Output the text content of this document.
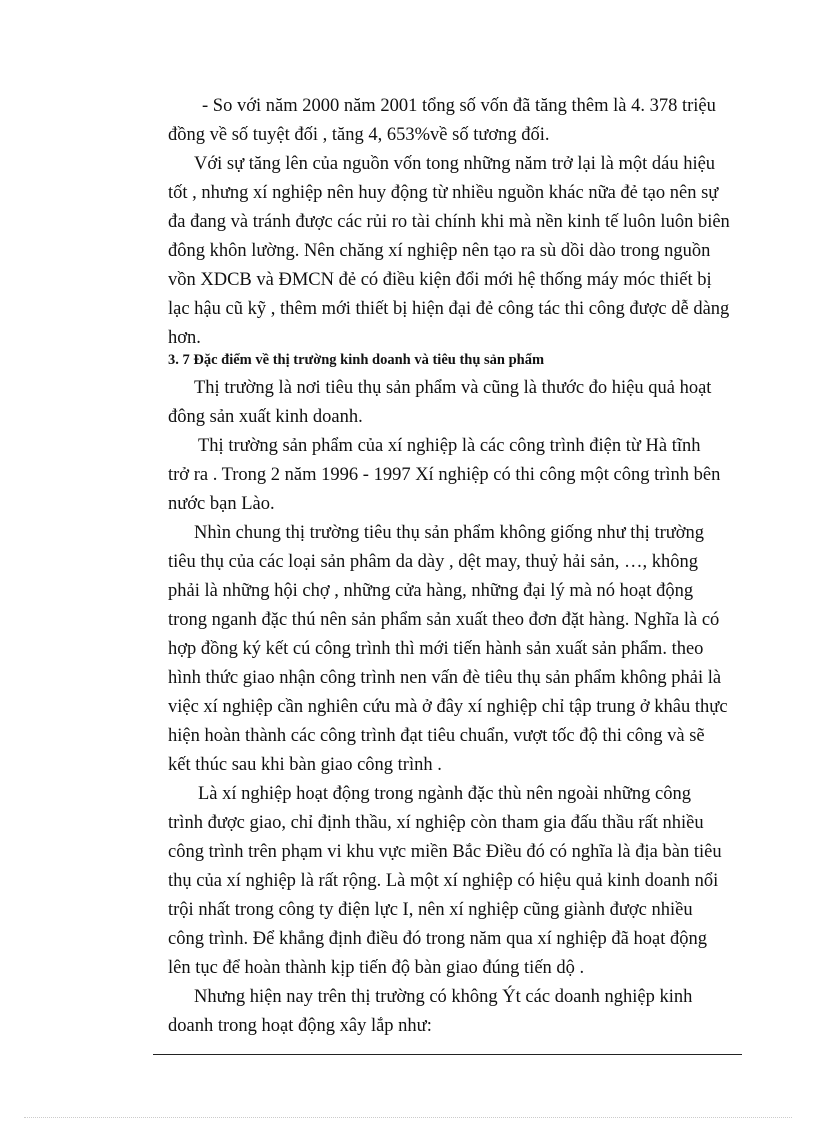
- So với năm 2000 năm 2001 tổng số vốn đã tăng thêm là 4. 378 triệu

đồng về số tuyệt đối , tăng 4, 653%về số tương đối.

Với sự tăng lên của nguồn vốn tong những năm trở lại là một dáu hiệu

tốt , nhưng xí nghiệp nên huy động từ nhiều nguồn khác nữa đẻ tạo nên sự

đa đang và tránh được các rủi ro tài chính khi mà nền kinh tế luôn luôn biên

đông khôn lường. Nên chăng xí nghiệp nên tạo ra sù dồi dào trong nguồn

vồn XDCB và ĐMCN đẻ có điều kiện đổi mới hệ thống máy móc thiết bị

lạc hậu cũ kỹ , thêm mới thiết bị hiện đại đẻ công tác thi công được dễ dàng

hơn.

3. 7 Đặc điểm về thị trường kinh doanh và tiêu thụ sản phẩm

Thị trường là nơi tiêu thụ sản phẩm và cũng là thước đo hiệu quả hoạt

đông sản xuất kinh doanh.

Thị trường sản phẩm của xí nghiệp là các công trình điện từ Hà tĩnh

trở ra . Trong 2 năm 1996 - 1997 Xí nghiệp có thi công một công trình bên

nước bạn Lào.

Nhìn chung thị trường tiêu thụ sản phẩm không giống như thị trường

tiêu thụ của các loại sản phâm da dày , dệt may, thuỷ hải sản, …, không

phải là những hội chợ , những cửa hàng, những đại lý mà nó hoạt động

trong nganh đặc thú nên sản phẩm sản xuất theo đơn đặt hàng. Nghĩa là có

hợp đồng ký kết cú công trình thì mới tiến hành sản xuất sản phẩm. theo

hình thức giao nhận công trình nen vấn đè tiêu thụ sản phẩm không phải là

việc xí nghiệp cần nghiên cứu mà ở đây xí nghiệp chỉ tập trung ở khâu thực

hiện hoàn thành các công trình đạt tiêu chuẩn, vượt tốc độ thi công và sẽ

kết thúc sau khi bàn giao công trình .

Là xí nghiệp hoạt động trong ngành đặc thù nên ngoài những công

trình được giao, chỉ định thầu, xí nghiệp còn tham gia đấu thầu rất nhiều

công trình trên phạm vi khu vực miền Bắc Điều đó có nghĩa là địa bàn tiêu

thụ của xí nghiệp là rất rộng. Là một xí nghiệp có hiệu quả kinh doanh nổi

trội nhất trong công ty điện lực I, nên xí nghiệp cũng giành được nhiều

công trình. Để khẳng định điều đó trong năm qua xí nghiệp đã hoạt động

lên tục để hoàn thành kịp tiến độ bàn giao đúng tiến dộ .

Nhưng hiện nay trên thị trường có không Ýt các doanh nghiệp kinh

doanh trong hoạt động xây lắp như:
